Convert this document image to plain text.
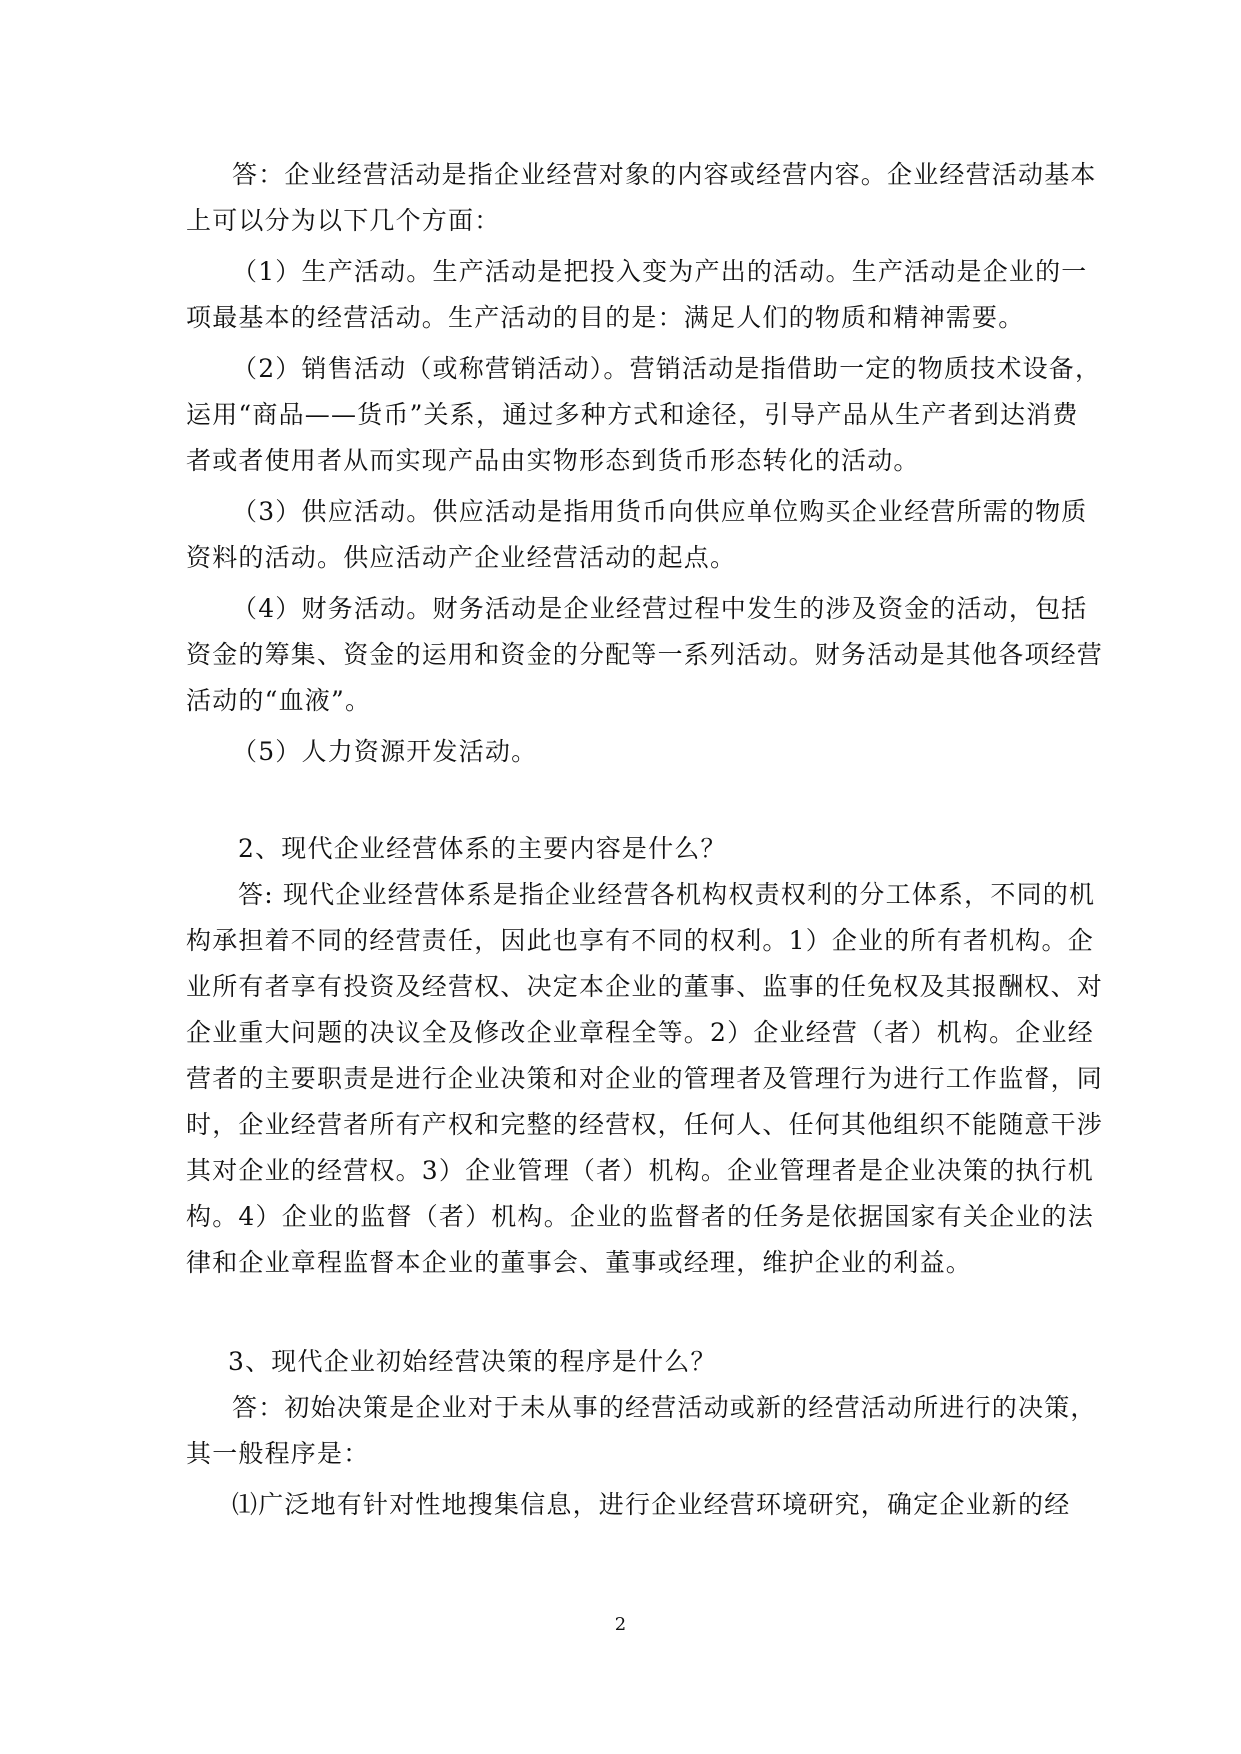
答：企业经营活动是指企业经营对象的内容或经营内容。企业经营活动基本
上可以分为以下几个方面：
（1）生产活动。生产活动是把投入变为产出的活动。生产活动是企业的一
项最基本的经营活动。生产活动的目的是：满足人们的物质和精神需要。
（2）销售活动（或称营销活动）。营销活动是指借助一定的物质技术设备，
运用“商品——货币”关系，通过多种方式和途径，引导产品从生产者到达消费
者或者使用者从而实现产品由实物形态到货币形态转化的活动。
（3）供应活动。供应活动是指用货币向供应单位购买企业经营所需的物质
资料的活动。供应活动产企业经营活动的起点。
（4）财务活动。财务活动是企业经营过程中发生的涉及资金的活动，包括
资金的筹集、资金的运用和资金的分配等一系列活动。财务活动是其他各项经营
活动的“血液”。
（5）人力资源开发活动。
2、现代企业经营体系的主要内容是什么？
答: 现代企业经营体系是指企业经营各机构权责权利的分工体系，不同的机
构承担着不同的经营责任，因此也享有不同的权利。1）企业的所有者机构。企
业所有者享有投资及经营权、决定本企业的董事、监事的任免权及其报酬权、对
企业重大问题的决议全及修改企业章程全等。2）企业经营（者）机构。企业经
营者的主要职责是进行企业决策和对企业的管理者及管理行为进行工作监督，同
时，企业经营者所有产权和完整的经营权，任何人、任何其他组织不能随意干涉
其对企业的经营权。3）企业管理（者）机构。企业管理者是企业决策的执行机
构。4）企业的监督（者）机构。企业的监督者的任务是依据国家有关企业的法
律和企业章程监督本企业的董事会、董事或经理，维护企业的利益。
3、现代企业初始经营决策的程序是什么？
答：初始决策是企业对于未从事的经营活动或新的经营活动所进行的决策，
其一般程序是：
⑴广泛地有针对性地搜集信息，进行企业经营环境研究，确定企业新的经
2
